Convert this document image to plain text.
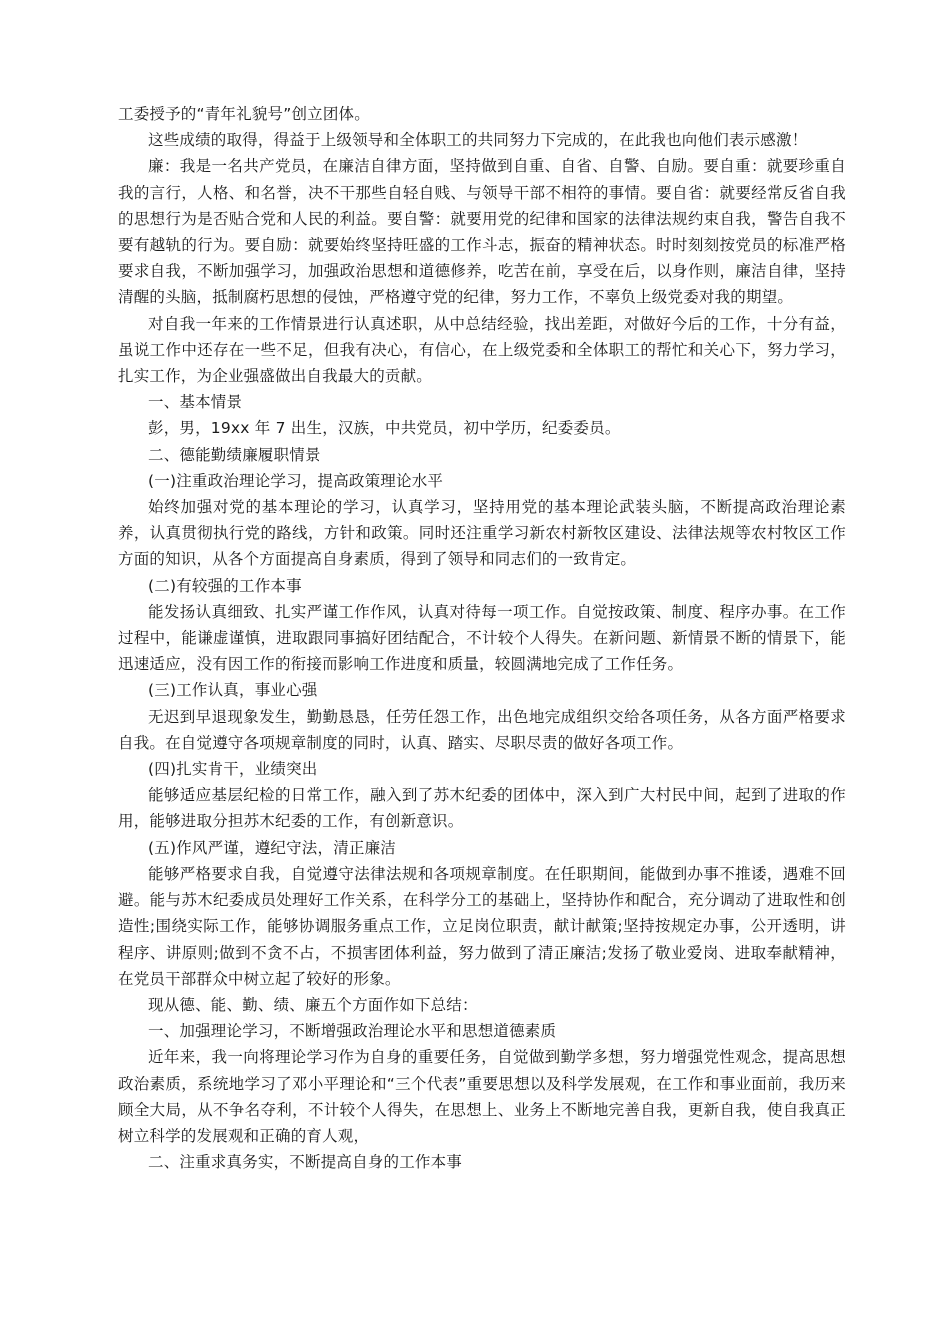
工委授予的“青年礼貌号”创立团体。

这些成绩的取得，得益于上级领导和全体职工的共同努力下完成的，在此我也向他们表示感激！

廉：我是一名共产党员，在廉洁自律方面，坚持做到自重、自省、自警、自励。要自重：就要珍重自我的言行，人格、和名誉，决不干那些自轻自贱、与领导干部不相符的事情。要自省：就要经常反省自我的思想行为是否贴合党和人民的利益。要自警：就要用党的纪律和国家的法律法规约束自我，警告自我不要有越轨的行为。要自励：就要始终坚持旺盛的工作斗志，振奋的精神状态。时时刻刻按党员的标准严格要求自我，不断加强学习，加强政治思想和道德修养，吃苦在前，享受在后，以身作则，廉洁自律，坚持清醒的头脑，抵制腐朽思想的侵蚀，严格遵守党的纪律，努力工作，不辜负上级党委对我的期望。

对自我一年来的工作情景进行认真述职，从中总结经验，找出差距，对做好今后的工作，十分有益，虽说工作中还存在一些不足，但我有决心，有信心，在上级党委和全体职工的帮忙和关心下，努力学习，扎实工作，为企业强盛做出自我最大的贡献。

一、基本情景

彭，男，19xx 年 7 出生，汉族，中共党员，初中学历，纪委委员。

二、德能勤绩廉履职情景

(一)注重政治理论学习，提高政策理论水平

始终加强对党的基本理论的学习，认真学习，坚持用党的基本理论武装头脑，不断提高政治理论素养，认真贯彻执行党的路线，方针和政策。同时还注重学习新农村新牧区建设、法律法规等农村牧区工作方面的知识，从各个方面提高自身素质，得到了领导和同志们的一致肯定。

(二)有较强的工作本事

能发扬认真细致、扎实严谨工作作风，认真对待每一项工作。自觉按政策、制度、程序办事。在工作过程中，能谦虚谨慎，进取跟同事搞好团结配合，不计较个人得失。在新问题、新情景不断的情景下，能迅速适应，没有因工作的衔接而影响工作进度和质量，较圆满地完成了工作任务。

(三)工作认真，事业心强

无迟到早退现象发生，勤勤恳恳，任劳任怨工作，出色地完成组织交给各项任务，从各方面严格要求自我。在自觉遵守各项规章制度的同时，认真、踏实、尽职尽责的做好各项工作。

(四)扎实肯干，业绩突出

能够适应基层纪检的日常工作，融入到了苏木纪委的团体中，深入到广大村民中间，起到了进取的作用，能够进取分担苏木纪委的工作，有创新意识。

(五)作风严谨，遵纪守法，清正廉洁

能够严格要求自我，自觉遵守法律法规和各项规章制度。在任职期间，能做到办事不推诿，遇难不回避。能与苏木纪委成员处理好工作关系，在科学分工的基础上，坚持协作和配合，充分调动了进取性和创造性;围绕实际工作，能够协调服务重点工作，立足岗位职责，献计献策;坚持按规定办事，公开透明，讲程序、讲原则;做到不贪不占，不损害团体利益，努力做到了清正廉洁;发扬了敬业爱岗、进取奉献精神，在党员干部群众中树立起了较好的形象。

现从德、能、勤、绩、廉五个方面作如下总结：

一、加强理论学习，不断增强政治理论水平和思想道德素质

近年来，我一向将理论学习作为自身的重要任务，自觉做到勤学多想，努力增强党性观念，提高思想政治素质，系统地学习了邓小平理论和“三个代表”重要思想以及科学发展观，在工作和事业面前，我历来顾全大局，从不争名夺利，不计较个人得失，在思想上、业务上不断地完善自我，更新自我，使自我真正树立科学的发展观和正确的育人观，

二、注重求真务实，不断提高自身的工作本事
